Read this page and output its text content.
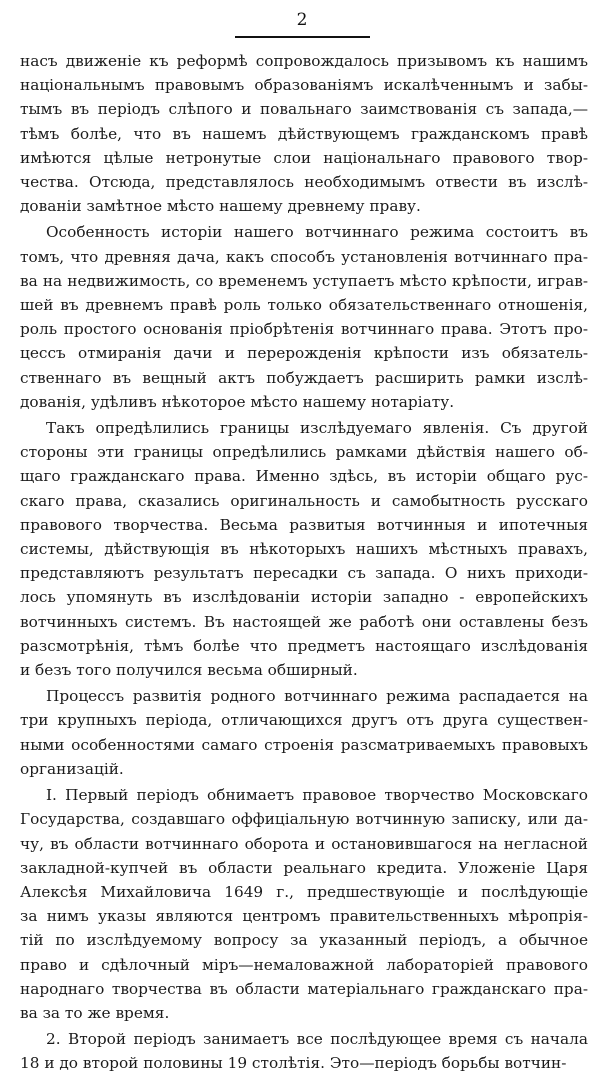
2
насъ движеніе къ реформѣ сопровождалось призывомъ къ нашимъ
національнымъ правовымъ образованіямъ искалѣченнымъ и забы-
тымъ въ періодъ слѣпого и повальнаго заимствованія съ запада,—
тѣмъ болѣе, что въ нашемъ дѣйствующемъ гражданскомъ правѣ
имѣются цѣлые нетронутые слои національнаго правового твор-
чества. Отсюда, представлялось необходимымъ отвести въ изслѣ-
дованіи замѣтное мѣсто нашему древнему праву.
Особенность исторіи нашего вотчиннаго режима состоитъ въ
томъ, что древняя дача, какъ способъ установленія вотчиннаго пра-
ва на недвижимость, со временемъ уступаетъ мѣсто крѣпости, играв-
шей въ древнемъ правѣ роль только обязательственнаго отношенія,
роль простого основанія пріобрѣтенія вотчиннаго права. Этотъ про-
цессъ отмиранія дачи и перерожденія крѣпости изъ обязатель-
ственнаго въ вещный актъ побуждаетъ расширить рамки изслѣ-
дованія, удѣливъ нѣкоторое мѣсто нашему нотаріату.
Такъ опредѣлились границы изслѣдуемаго явленія. Съ другой
стороны эти границы опредѣлились рамками дѣйствія нашего об-
щаго гражданскаго права. Именно здѣсь, въ исторіи общаго рус-
скаго права, сказались оригинальность и самобытность русскаго
правового творчества. Весьма развитыя вотчинныя и ипотечныя
системы, дѣйствующія въ нѣкоторыхъ нашихъ мѣстныхъ правахъ,
представляютъ результатъ пересадки съ запада. О нихъ приходи-
лось упомянуть въ изслѣдованіи исторіи западно - европейскихъ
вотчинныхъ системъ. Въ настоящей же работѣ они оставлены безъ
разсмотрѣнія, тѣмъ болѣе что предметъ настоящаго изслѣдованія
и безъ того получился весьма обширный.
Процессъ развитія родного вотчиннаго режима распадается на
три крупныхъ періода, отличающихся другъ отъ друга существен-
ными особенностями самаго строенія разсматриваемыхъ правовыхъ
организацій.
I. Первый періодъ обнимаетъ правовое творчество Московскаго
Государства, создавшаго оффиціальную вотчинную записку, или да-
чу, въ области вотчиннаго оборота и остановившагося на негласной
закладной-купчей въ области реальнаго кредита. Уложеніе Царя
Алексѣя Михайловича 1649 г., предшествующіе и послѣдующіе
за нимъ указы являются центромъ правительственныхъ мѣропрія-
тій по изслѣдуемому вопросу за указанный періодъ, а обычное
право и сдѣлочный міръ—немаловажной лабораторіей правового
народнаго творчества въ области матеріальнаго гражданскаго пра-
ва за то же время.
2. Второй періодъ занимаетъ все послѣдующее время съ начала
18 и до второй половины 19 столѣтія. Это—періодъ борьбы вотчин-
